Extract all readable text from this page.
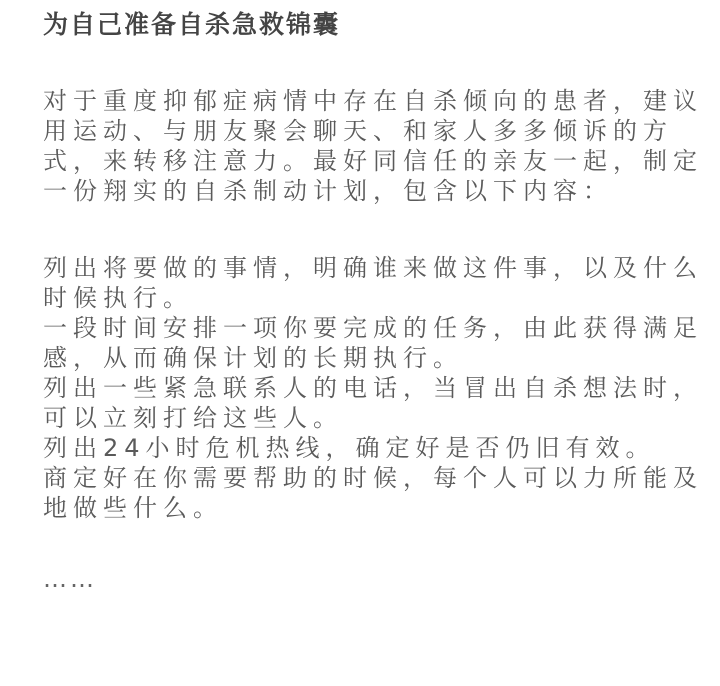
为自己准备自杀急救锦囊

对于重度抑郁症病情中存在自杀倾向的患者，建议用运动、与朋友聚会聊天、和家人多多倾诉的方式，来转移注意力。最好同信任的亲友一起，制定一份翔实的自杀制动计划，包含以下内容：

列出将要做的事情，明确谁来做这件事，以及什么时候执行。

一段时间安排一项你要完成的任务，由此获得满足感，从而确保计划的长期执行。

列出一些紧急联系人的电话，当冒出自杀想法时，可以立刻打给这些人。

列出24小时危机热线，确定好是否仍旧有效。

商定好在你需要帮助的时候，每个人可以力所能及地做些什么。

……
